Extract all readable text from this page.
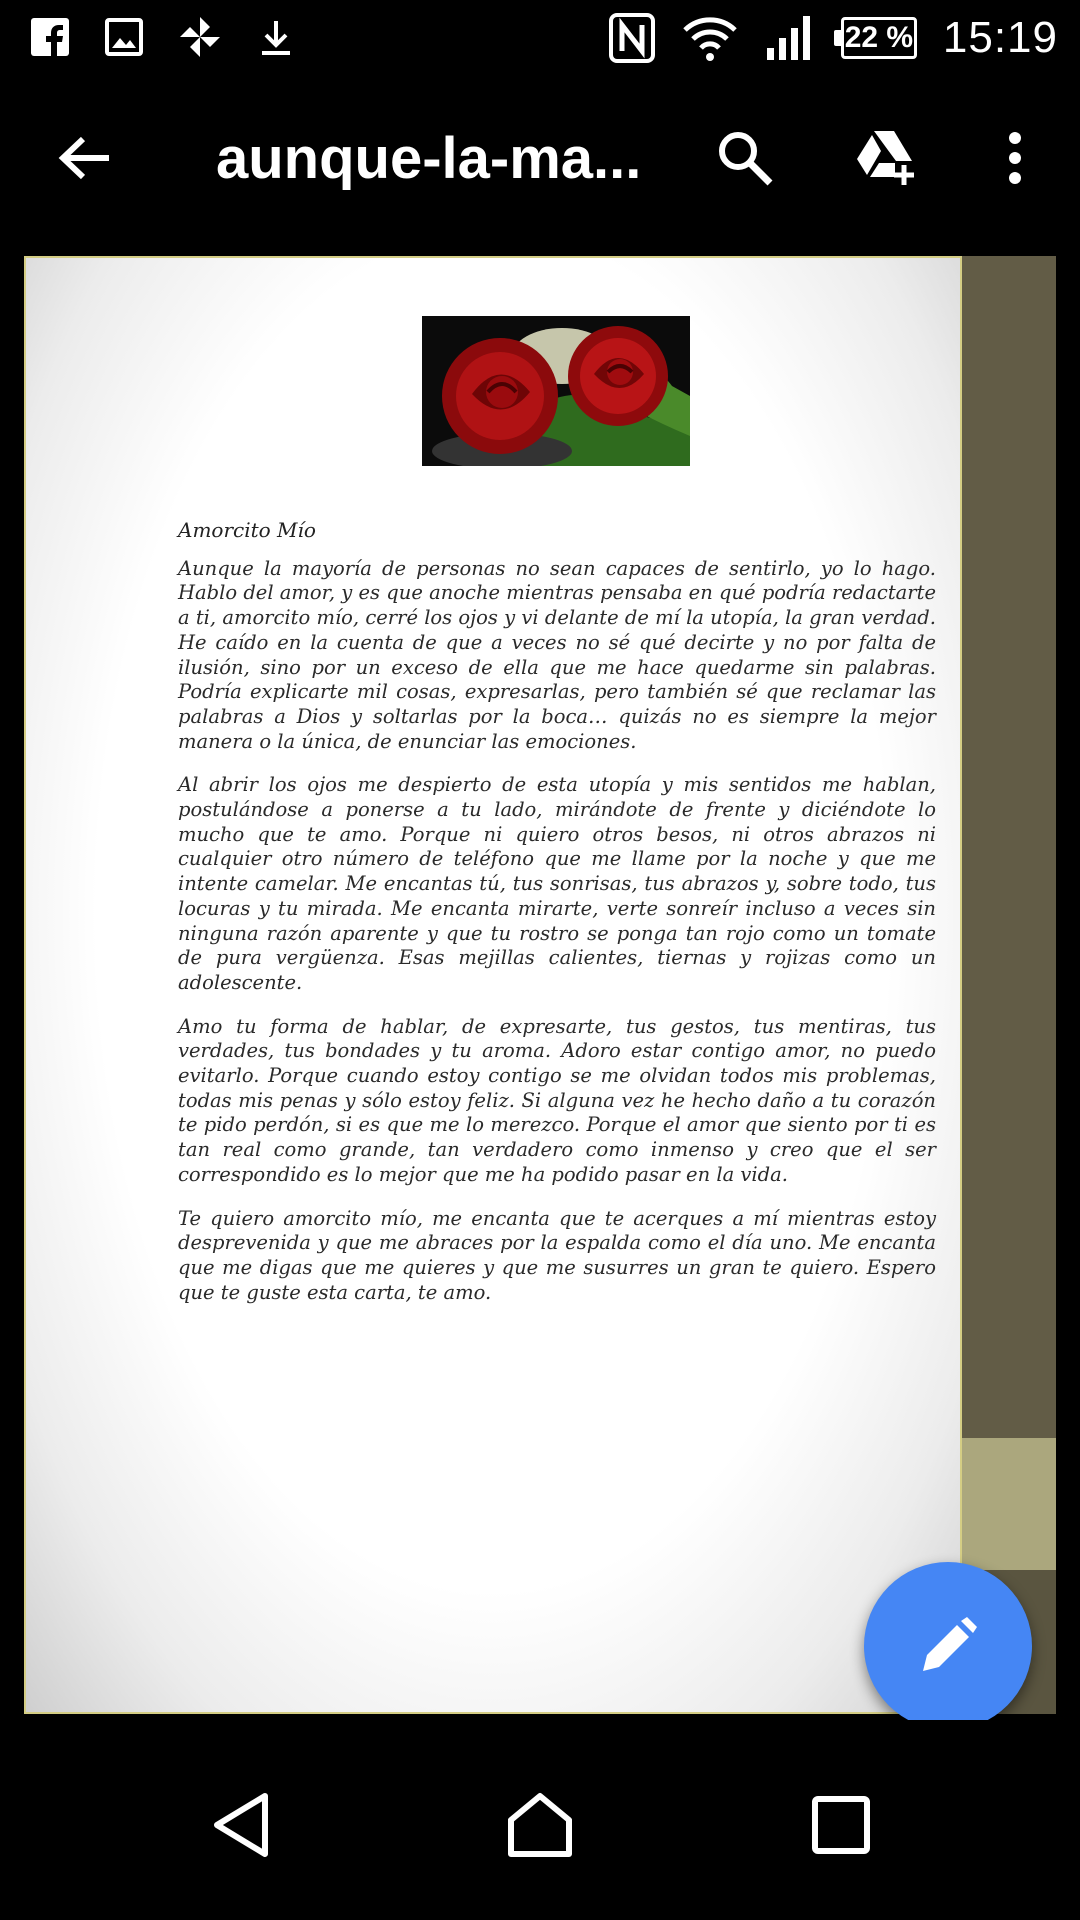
22 % 15:19
aunque-la-ma...
Amorcito Mío

Aunque la mayoría de personas no sean capaces de sentirlo, yo lo hago. Hablo del amor, y es que anoche mientras pensaba en qué podría redactarte a ti, amorcito mío, cerré los ojos y vi delante de mí la utopía, la gran verdad. He caído en la cuenta de que a veces no sé qué decirte y no por falta de ilusión, sino por un exceso de ella que me hace quedarme sin palabras. Podría explicarte mil cosas, expresarlas, pero también sé que reclamar las palabras a Dios y soltarlas por la boca… quizás no es siempre la mejor manera o la única, de enunciar las emociones.

Al abrir los ojos me despierto de esta utopía y mis sentidos me hablan, postulándose a ponerse a tu lado, mirándote de frente y diciéndote lo mucho que te amo. Porque ni quiero otros besos, ni otros abrazos ni cualquier otro número de teléfono que me llame por la noche y que me intente camelar. Me encantas tú, tus sonrisas, tus abrazos y, sobre todo, tus locuras y tu mirada. Me encanta mirarte, verte sonreír incluso a veces sin ninguna razón aparente y que tu rostro se ponga tan rojo como un tomate de pura vergüenza. Esas mejillas calientes, tiernas y rojizas como un adolescente.

Amo tu forma de hablar, de expresarte, tus gestos, tus mentiras, tus verdades, tus bondades y tu aroma. Adoro estar contigo amor, no puedo evitarlo. Porque cuando estoy contigo se me olvidan todos mis problemas, todas mis penas y sólo estoy feliz. Si alguna vez he hecho daño a tu corazón te pido perdón, si es que me lo merezco. Porque el amor que siento por ti es tan real como grande, tan verdadero como inmenso y creo que el ser correspondido es lo mejor que me ha podido pasar en la vida.

Te quiero amorcito mío, me encanta que te acerques a mí mientras estoy desprevenida y que me abraces por la espalda como el día uno. Me encanta que me digas que me quieres y que me susurres un gran te quiero. Espero que te guste esta carta, te amo.
